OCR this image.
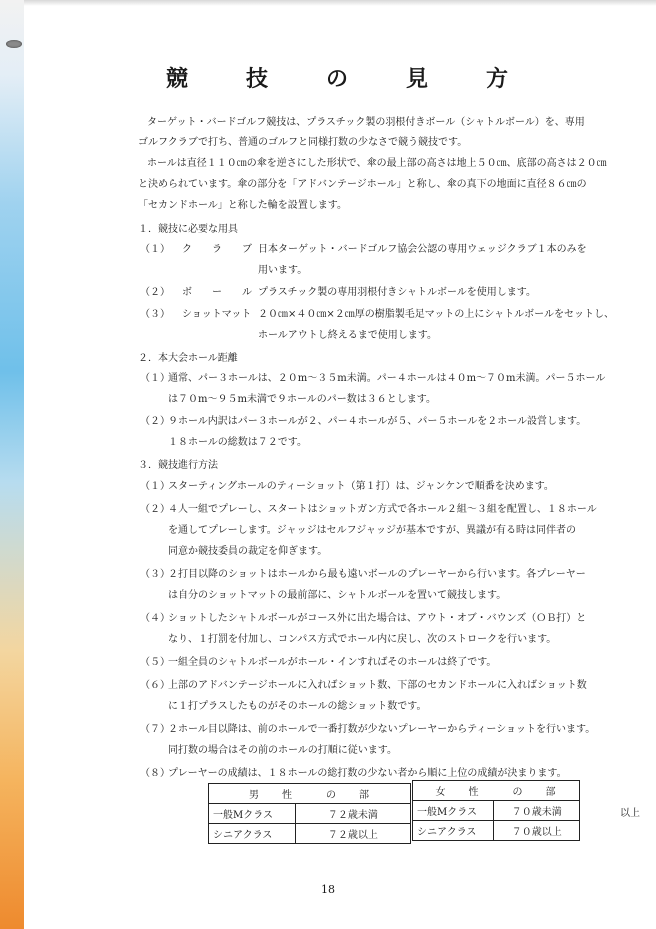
競　技　の　見　方
ターゲット・バードゴルフ競技は、プラスチック製の羽根付きボール（シャトルボール）を、専用
ゴルフクラブで打ち、普通のゴルフと同様打数の少なさで競う競技です。
ホールは直径１１０㎝の傘を逆さにした形状で、傘の最上部の高さは地上５０㎝、底部の高さは２０㎝
と決められています。傘の部分を「アドバンテージホール」と称し、傘の真下の地面に直径８６㎝の
「セカンドホール」と称した輪を設置します。
１．競技に必要な用具
（１） ク　　ラ　　ブ 日本ターゲット・バードゴルフ協会公認の専用ウェッジクラブ１本のみを
用います。
（２） ボ　　ー　　ル プラスチック製の専用羽根付きシャトルボールを使用します。
（３） ショットマット ２０㎝×４０㎝×２㎝厚の樹脂製毛足マットの上にシャトルボールをセットし、
ホールアウトし終えるまで使用します。
２．本大会ホール距離
（１）
通常、パー３ホールは、２０m～３５m未満。パー４ホールは４０m～７０m未満。パー５ホール
は７０m～９５m未満で９ホールのパー数は３６とします。
（２）
９ホール内訳はパー３ホールが２、パー４ホールが５、パー５ホールを２ホール設営します。
１８ホールの総数は７２です。
３．競技進行方法
（１）
スターティングホールのティーショット（第１打）は、ジャンケンで順番を決めます。
（２）
４人一組でプレーし、スタートはショットガン方式で各ホール２組～３組を配置し、１８ホール
を通してプレーします。ジャッジはセルフジャッジが基本ですが、異議が有る時は同伴者の
同意か競技委員の裁定を仰ぎます。
（３）
２打目以降のショットはホールから最も遠いボールのプレーヤーから行います。各プレーヤー
は自分のショットマットの最前部に、シャトルボールを置いて競技します。
（４）
ショットしたシャトルボールがコース外に出た場合は、アウト・オブ・バウンズ（ＯＢ打）と
なり、１打罰を付加し、コンパス方式でホール内に戻し、次のストロークを行います。
（５）
一組全員のシャトルボールがホール・インすればそのホールは終了です。
（６）
上部のアドバンテージホールに入ればショット数、下部のセカンドホールに入ればショット数
に１打プラスしたものがそのホールの総ショット数です。
（７）
２ホール目以降は、前のホールで一番打数が少ないプレーヤーからティーショットを行います。
同打数の場合はその前のホールの打順に従います。
（８）
プレーヤーの成績は、１８ホールの総打数の少ない者から順に上位の成績が決まります。
男　　性　　　の　　部	
一般Mクラス	７２歳未満
シニアクラス	７２歳以上
女　　性　　　の　　部	
一般Mクラス	７０歳未満
シニアクラス	７０歳以上
以上
18
